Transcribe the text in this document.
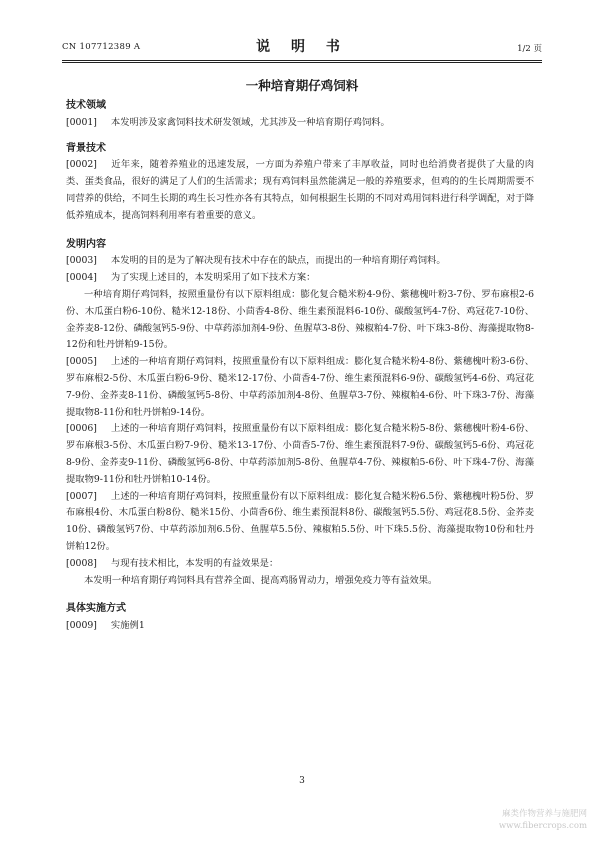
CN 107712389 A	说 明 书	1/2 页
一种培育期仔鸡饲料
技术领域

[0001] 本发明涉及家禽饲料技术研发领域，尤其涉及一种培育期仔鸡饲料。

背景技术

[0002] 近年来，随着养殖业的迅速发展，一方面为养殖户带来了丰厚收益，同时也给消费者提供了大量的肉类、蛋类食品，很好的满足了人们的生活需求；现有鸡饲料虽然能满足一般的养殖要求，但鸡的的生长周期需要不同营养的供给，不同生长期的鸡生长习性亦各有其特点，如何根据生长期的不同对鸡用饲料进行科学调配，对于降低养殖成本，提高饲料利用率有着重要的意义。

发明内容

[0003] 本发明的目的是为了解决现有技术中存在的缺点，而提出的一种培育期仔鸡饲料。

[0004] 为了实现上述目的，本发明采用了如下技术方案：

一种培育期仔鸡饲料，按照重量份有以下原料组成：膨化复合糙米粉4-9份、紫穗槐叶粉3-7份、罗布麻根2-6份、木瓜蛋白粉6-10份、糙米12-18份、小茴香4-8份、维生素预混料6-10份、碳酸氢钙4-7份、鸡冠花7-10份、金荞麦8-12份、磷酸氢钙5-9份、中草药添加剂4-9份、鱼腥草3-8份、辣椒粕4-7份、叶下珠3-8份、海藻提取物8-12份和牡丹饼粕9-15份。

[0005] 上述的一种培育期仔鸡饲料，按照重量份有以下原料组成：膨化复合糙米粉4-8份、紫穗槐叶粉3-6份、罗布麻根2-5份、木瓜蛋白粉6-9份、糙米12-17份、小茴香4-7份、维生素预混料6-9份、碳酸氢钙4-6份、鸡冠花7-9份、金荞麦8-11份、磷酸氢钙5-8份、中草药添加剂4-8份、鱼腥草3-7份、辣椒粕4-6份、叶下珠3-7份、海藻提取物8-11份和牡丹饼粕9-14份。

[0006] 上述的一种培育期仔鸡饲料，按照重量份有以下原料组成：膨化复合糙米粉5-8份、紫穗槐叶粉4-6份、罗布麻根3-5份、木瓜蛋白粉7-9份、糙米13-17份、小茴香5-7份、维生素预混料7-9份、碳酸氢钙5-6份、鸡冠花8-9份、金荞麦9-11份、磷酸氢钙6-8份、中草药添加剂5-8份、鱼腥草4-7份、辣椒粕5-6份、叶下珠4-7份、海藻提取物9-11份和牡丹饼粕10-14份。

[0007] 上述的一种培育期仔鸡饲料，按照重量份有以下原料组成：膨化复合糙米粉6.5份、紫穗槐叶粉5份、罗布麻根4份、木瓜蛋白粉8份、糙米15份、小茴香6份、维生素预混料8份、碳酸氢钙5.5份、鸡冠花8.5份、金荞麦10份、磷酸氢钙7份、中草药添加剂6.5份、鱼腥草5.5份、辣椒粕5.5份、叶下珠5.5份、海藻提取物10份和牡丹饼粕12份。

[0008] 与现有技术相比，本发明的有益效果是：

本发明一种培育期仔鸡饲料具有营养全面、提高鸡肠胃动力，增强免疫力等有益效果。

具体实施方式

[0009] 实施例1

3
麻类作物营养与施肥网
www.fibercrops.com
